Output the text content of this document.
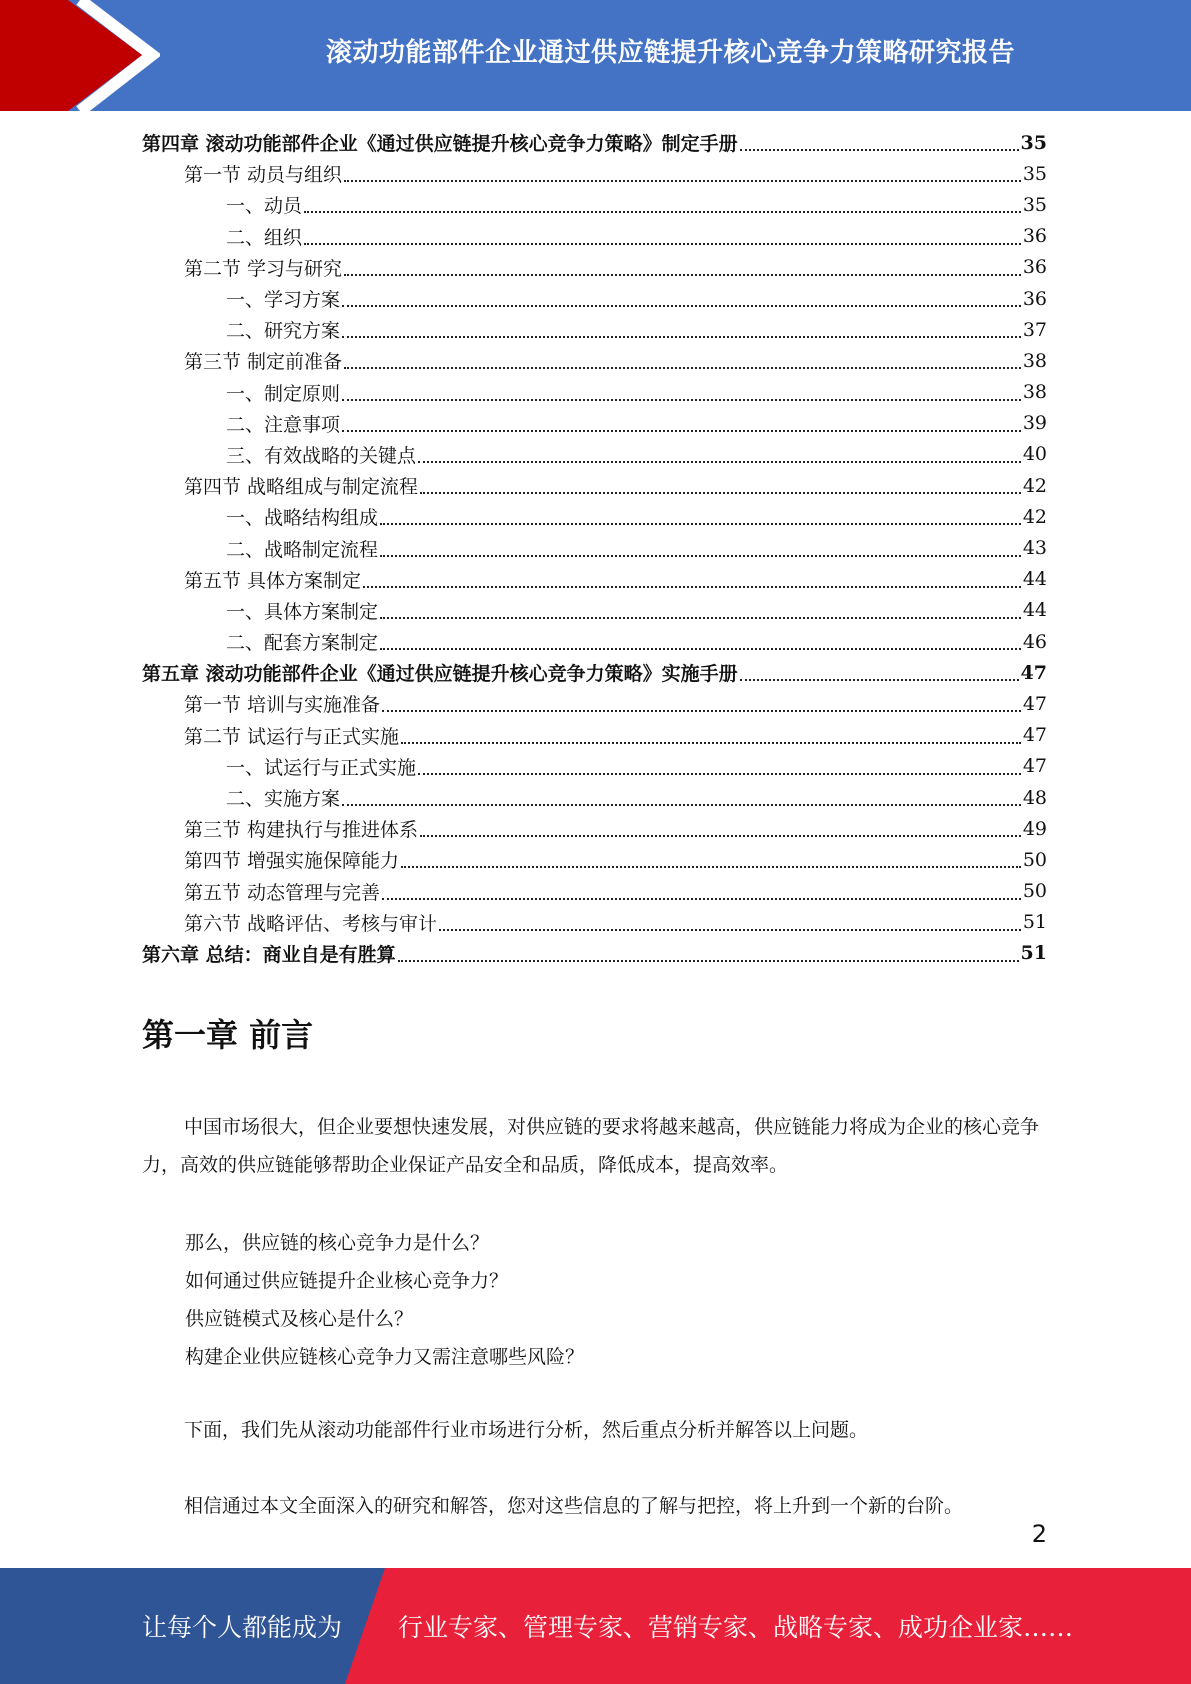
滚动功能部件企业通过供应链提升核心竞争力策略研究报告
第四章 滚动功能部件企业《通过供应链提升核心竞争力策略》制定手册	35
第一节 动员与组织	35
一、动员	35
二、组织	36
第二节 学习与研究	36
一、学习方案	36
二、研究方案	37
第三节 制定前准备	38
一、制定原则	38
二、注意事项	39
三、有效战略的关键点	40
第四节 战略组成与制定流程	42
一、战略结构组成	42
二、战略制定流程	43
第五节 具体方案制定	44
一、具体方案制定	44
二、配套方案制定	46
第五章 滚动功能部件企业《通过供应链提升核心竞争力策略》实施手册	47
第一节 培训与实施准备	47
第二节 试运行与正式实施	47
一、试运行与正式实施	47
二、实施方案	48
第三节 构建执行与推进体系	49
第四节 增强实施保障能力	50
第五节 动态管理与完善	50
第六节 战略评估、考核与审计	51
第六章 总结：商业自是有胜算	51
第一章 前言

中国市场很大，但企业要想快速发展，对供应链的要求将越来越高，供应链能力将成为企业的核心竞争力，高效的供应链能够帮助企业保证产品安全和品质，降低成本，提高效率。

那么，供应链的核心竞争力是什么？

如何通过供应链提升企业核心竞争力？

供应链模式及核心是什么？

构建企业供应链核心竞争力又需注意哪些风险？

下面，我们先从滚动功能部件行业市场进行分析，然后重点分析并解答以上问题。

相信通过本文全面深入的研究和解答，您对这些信息的了解与把控，将上升到一个新的台阶。

2
让每个人都能成为 行业专家、管理专家、营销专家、战略专家、成功企业家……
